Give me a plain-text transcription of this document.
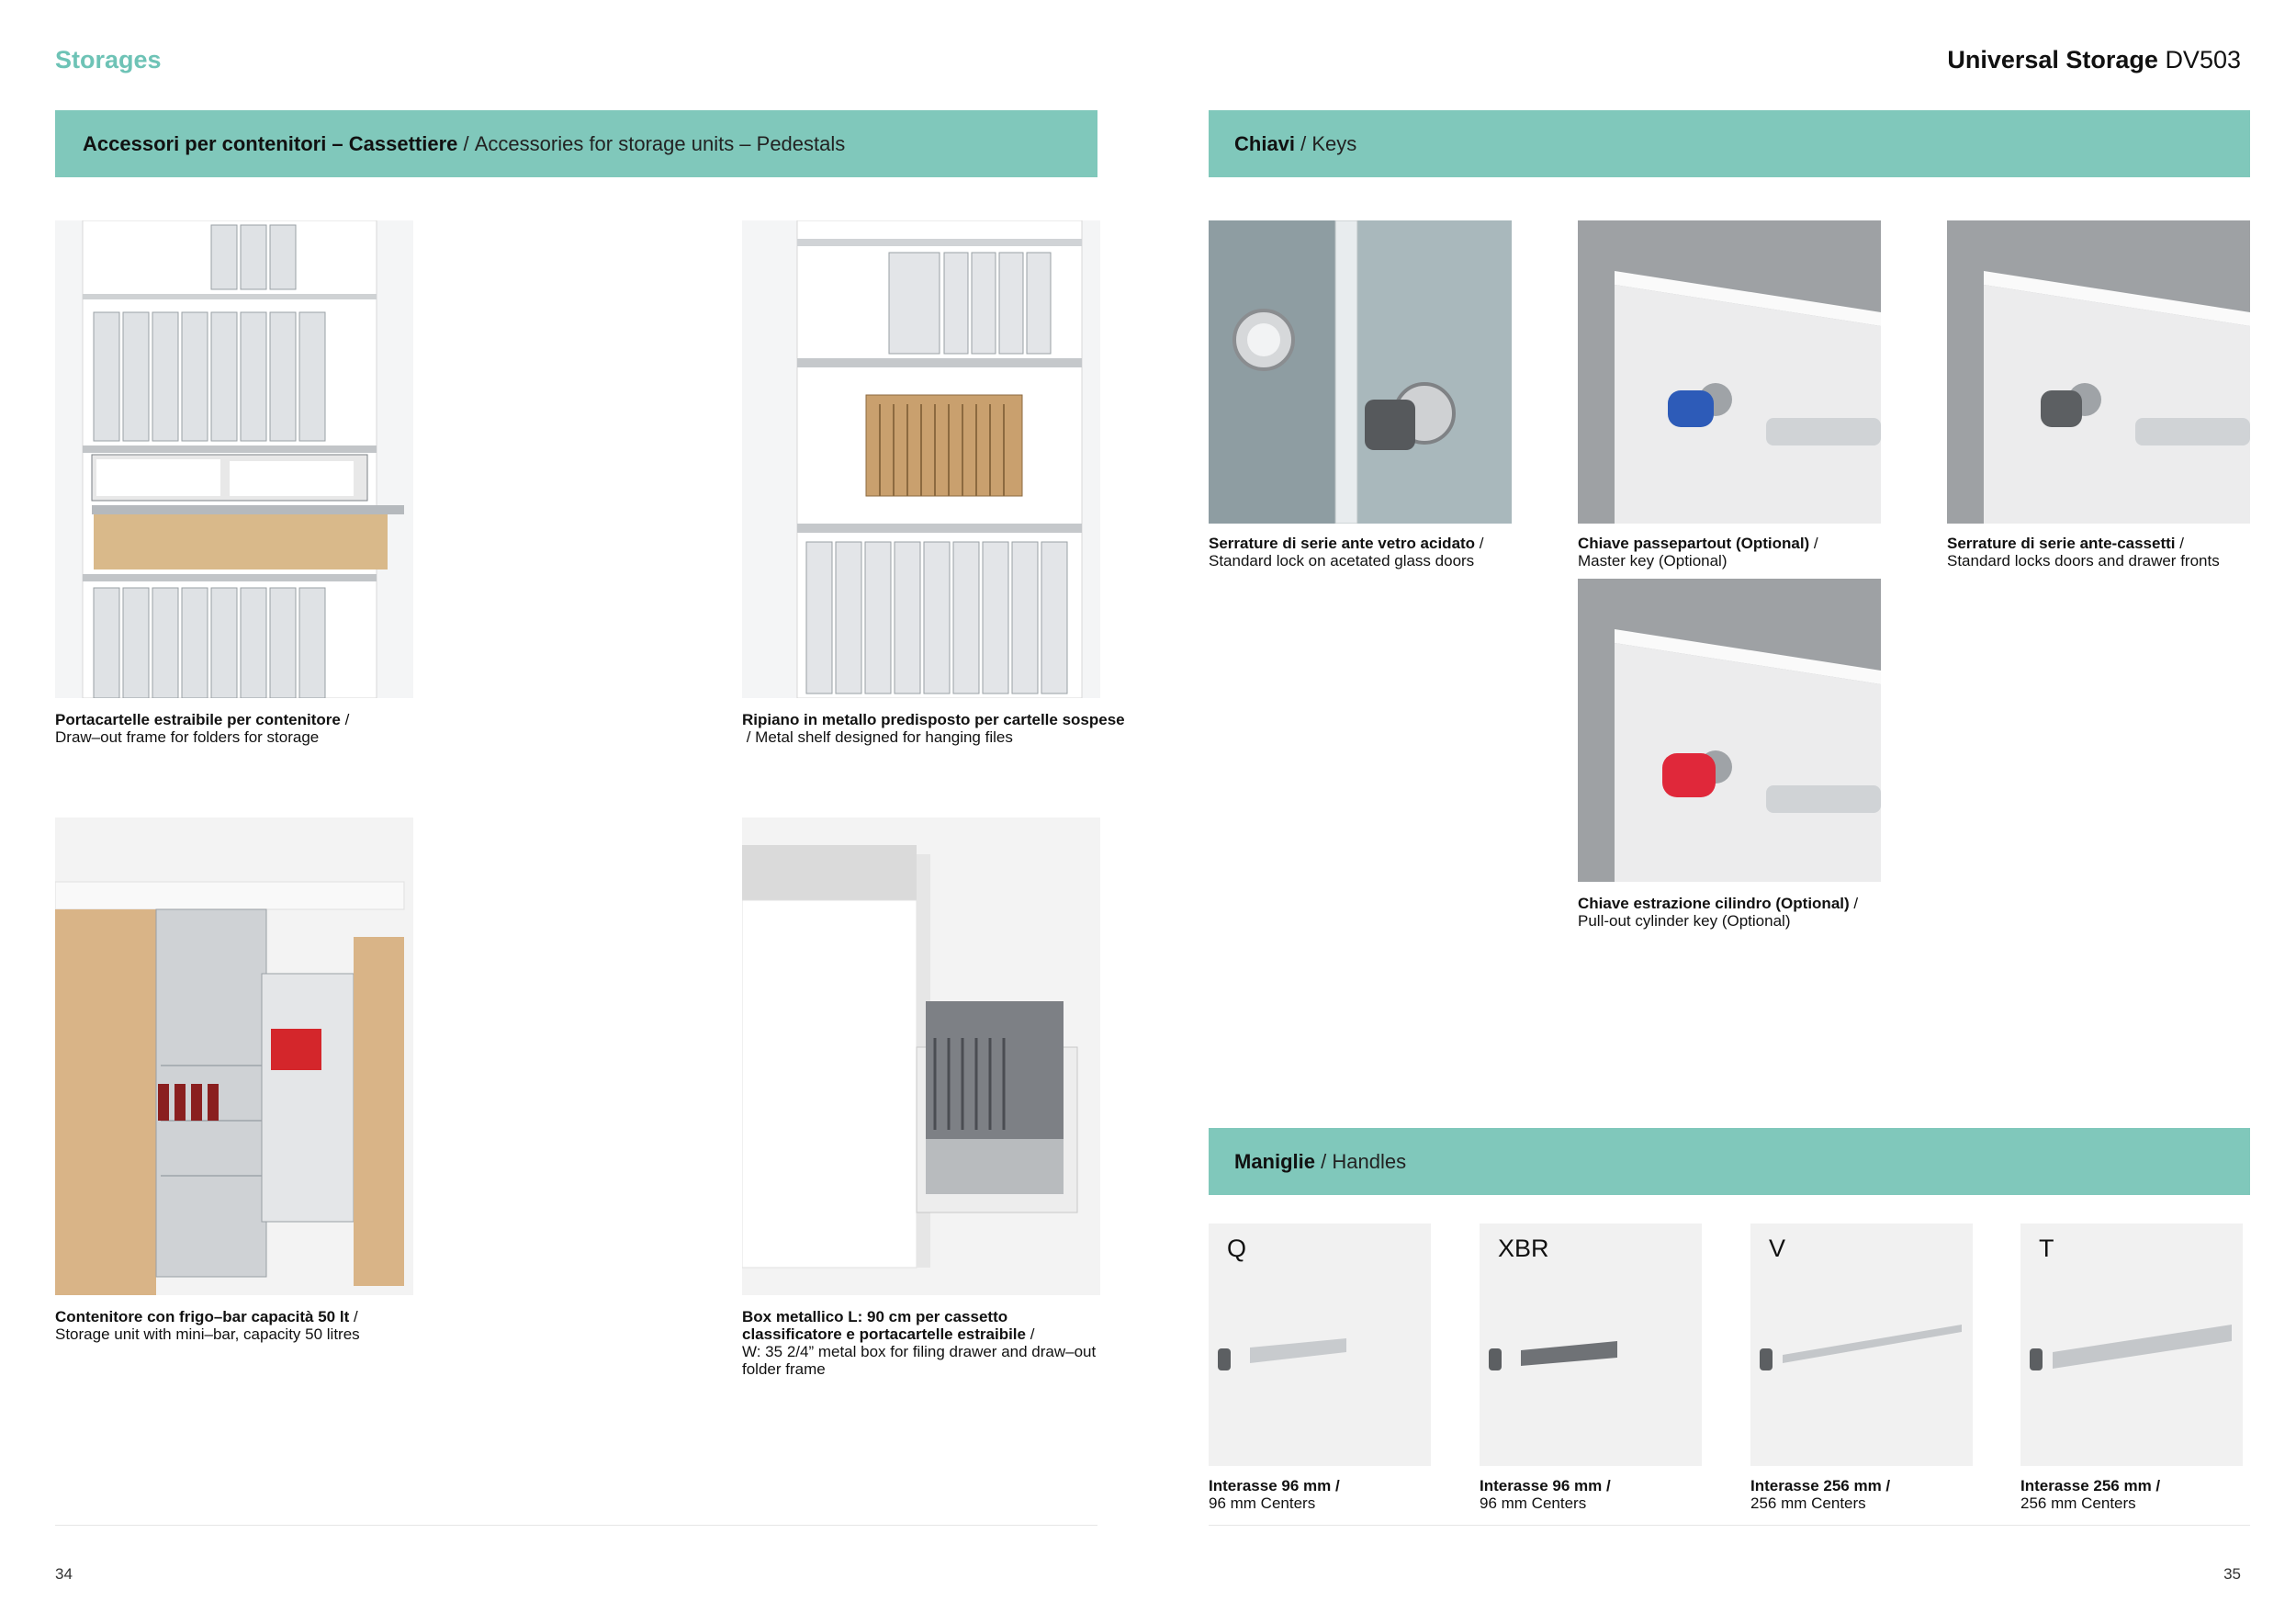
Storages	Universal Storage DV503
Accessori per contenitori – Cassettiere / Accessories for storage units – Pedestals
Portacartelle estraibile per contenitore /
Draw–out frame for folders for storage
Ripiano in metallo predisposto per cartelle sospese / Metal shelf designed for hanging files
Contenitore con frigo–bar capacità 50 lt /
Storage unit with mini–bar, capacity 50 litres
Box metallico L: 90 cm per cassetto classificatore e portacartelle estraibile /
W: 35 2/4” metal box for filing drawer and draw–out folder frame
Chiavi / Keys
Serrature di serie ante vetro acidato /
Standard lock on acetated glass doors
Chiave passepartout (Optional) /
Master key (Optional)
Serrature di serie ante-cassetti /
Standard locks doors and drawer fronts
Chiave estrazione cilindro (Optional) /
Pull-out cylinder key (Optional)
Maniglie / Handles
Q
Interasse 96 mm /
96 mm Centers
XBR
Interasse 96 mm /
96 mm Centers
V
Interasse 256 mm /
256 mm Centers
T
Interasse 256 mm /
256 mm Centers
34	35
